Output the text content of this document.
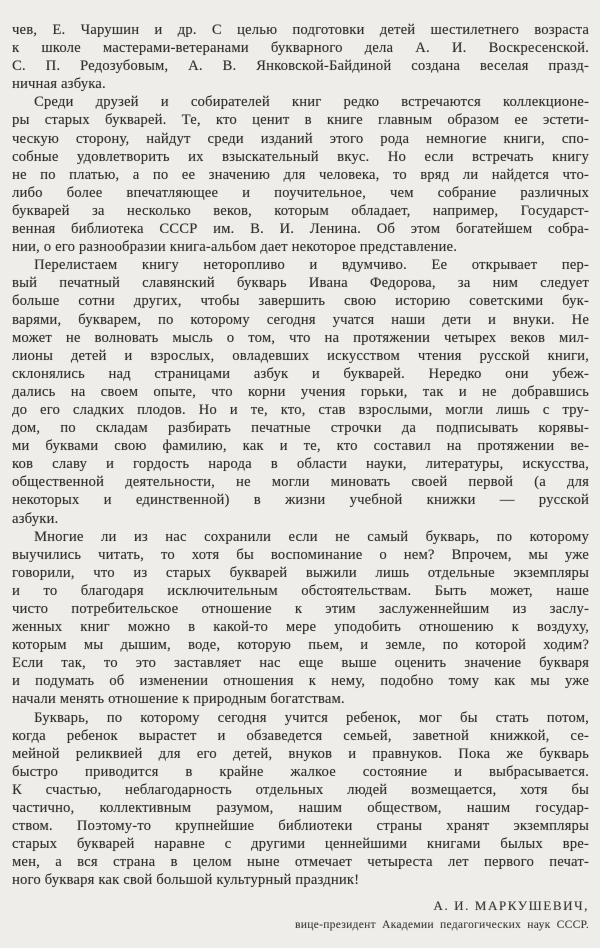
чев, Е. Чарушин и др. С целью подготовки детей шестилетнего возраста
к школе мастерами-ветеранами букварного дела А. И. Воскресенской.
С. П. Редозубовым, А. В. Янковской-Байдиной создана веселая празд-
ничная азбука.
Среди друзей и собирателей книг редко встречаются коллекционе-
ры старых букварей. Те, кто ценит в книге главным образом ее эстети-
ческую сторону, найдут среди изданий этого рода немногие книги, спо-
собные удовлетворить их взыскательный вкус. Но если встречать книгу
не по платью, а по ее значению для человека, то вряд ли найдется что-
либо более впечатляющее и поучительное, чем собрание различных
букварей за несколько веков, которым обладает, например, Государст-
венная библиотека СССР им. В. И. Ленина. Об этом богатейшем собра-
нии, о его разнообразии книга-альбом дает некоторое представление.
Перелистаем книгу неторопливо и вдумчиво. Ее открывает пер-
вый печатный славянский букварь Ивана Федорова, за ним следует
больше сотни других, чтобы завершить свою историю советскими бук-
варями, букварем, по которому сегодня учатся наши дети и внуки. Не
может не волновать мысль о том, что на протяжении четырех веков мил-
лионы детей и взрослых, овладевших искусством чтения русской книги,
склонялись над страницами азбук и букварей. Нередко они убеж-
дались на своем опыте, что корни учения горьки, так и не добравшись
до его сладких плодов. Но и те, кто, став взрослыми, могли лишь с тру-
дом, по складам разбирать печатные строчки да подписывать корявы-
ми буквами свою фамилию, как и те, кто составил на протяжении ве-
ков славу и гордость народа в области науки, литературы, искусства,
общественной деятельности, не могли миновать своей первой (а для
некоторых и единственной) в жизни учебной книжки — русской
азбуки.
Многие ли из нас сохранили если не самый букварь, по которому
выучились читать, то хотя бы воспоминание о нем? Впрочем, мы уже
говорили, что из старых букварей выжили лишь отдельные экземпляры
и то благодаря исключительным обстоятельствам. Быть может, наше
чисто потребительское отношение к этим заслуженнейшим из заслу-
женных книг можно в какой-то мере уподобить отношению к воздуху,
которым мы дышим, воде, которую пьем, и земле, по которой ходим?
Если так, то это заставляет нас еще выше оценить значение букваря
и подумать об изменении отношения к нему, подобно тому как мы уже
начали менять отношение к природным богатствам.
Букварь, по которому сегодня учится ребенок, мог бы стать потом,
когда ребенок вырастет и обзаведется семьей, заветной книжкой, се-
мейной реликвией для его детей, внуков и правнуков. Пока же букварь
быстро приводится в крайне жалкое состояние и выбрасывается.
К счастью, неблагодарность отдельных людей возмещается, хотя бы
частично, коллективным разумом, нашим обществом, нашим государ-
ством. Поэтому-то крупнейшие библиотеки страны хранят экземпляры
старых букварей наравне с другими ценнейшими книгами былых вре-
мен, а вся страна в целом ныне отмечает четыреста лет первого печат-
ного букваря как свой большой культурный праздник!
А. И. МАРКУШЕВИЧ,
вице-президент Академии педагогических наук СССР.
